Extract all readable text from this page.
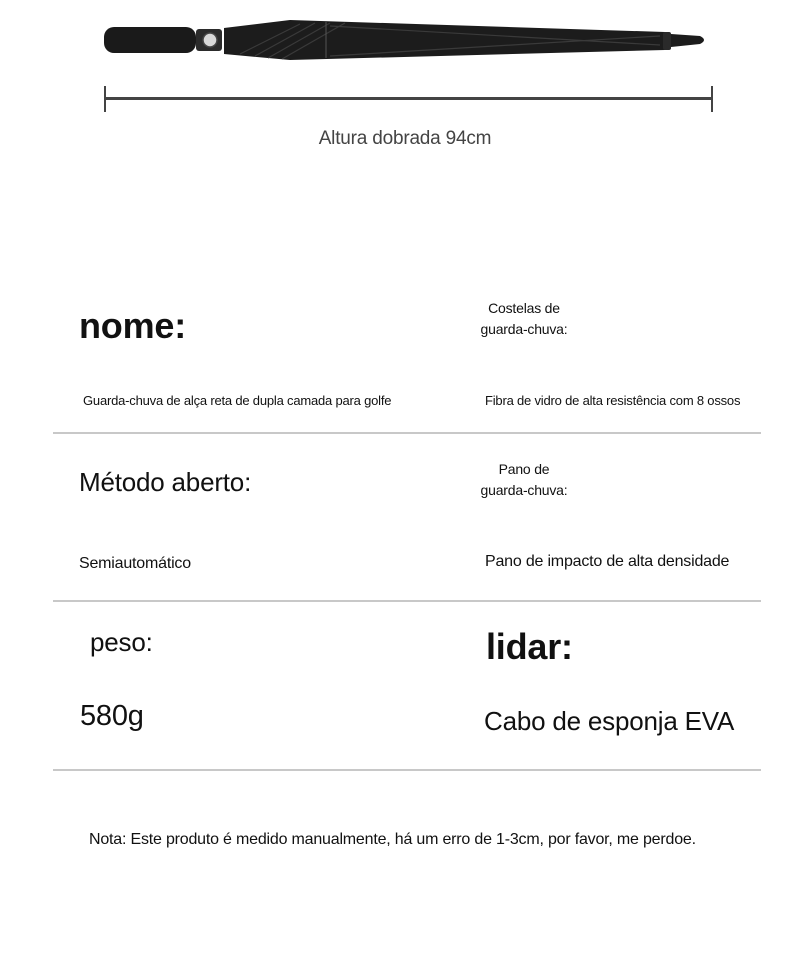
Altura dobrada 94cm
nome:	Costelas de
guarda-chuva:
Guarda-chuva de alça reta de dupla camada para golfe	Fibra de vidro de alta resistência com 8 ossos
Método aberto:	Pano de
guarda-chuva:
Semiautomático	Pano de impacto de alta densidade
peso:	lidar:
580g	Cabo de esponja EVA
Nota: Este produto é medido manualmente, há um erro de 1-3cm, por favor, me perdoe.
